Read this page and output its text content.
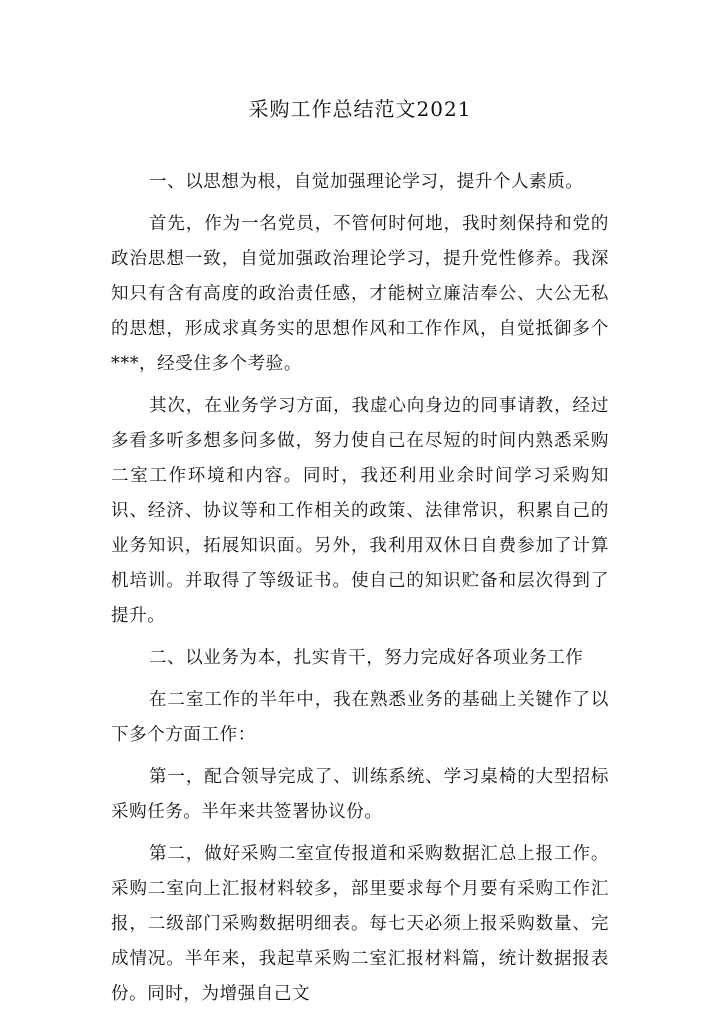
采购工作总结范文2021

一、以思想为根，自觉加强理论学习，提升个人素质。

首先，作为一名党员，不管何时何地，我时刻保持和党的政治思想一致，自觉加强政治理论学习，提升党性修养。我深知只有含有高度的政治责任感，才能树立廉洁奉公、大公无私的思想，形成求真务实的思想作风和工作作风，自觉抵御多个***，经受住多个考验。

其次，在业务学习方面，我虚心向身边的同事请教，经过多看多听多想多问多做，努力使自己在尽短的时间内熟悉采购二室工作环境和内容。同时，我还利用业余时间学习采购知识、经济、协议等和工作相关的政策、法律常识，积累自己的业务知识，拓展知识面。另外，我利用双休日自费参加了计算机培训。并取得了等级证书。使自己的知识贮备和层次得到了提升。

二、以业务为本，扎实肯干，努力完成好各项业务工作

在二室工作的半年中，我在熟悉业务的基础上关键作了以下多个方面工作：

第一，配合领导完成了、训练系统、学习桌椅的大型招标采购任务。半年来共签署协议份。

第二，做好采购二室宣传报道和采购数据汇总上报工作。采购二室向上汇报材料较多，部里要求每个月要有采购工作汇报，二级部门采购数据明细表。每七天必须上报采购数量、完成情况。半年来，我起草采购二室汇报材料篇，统计数据报表 份。同时，为增强自己文
